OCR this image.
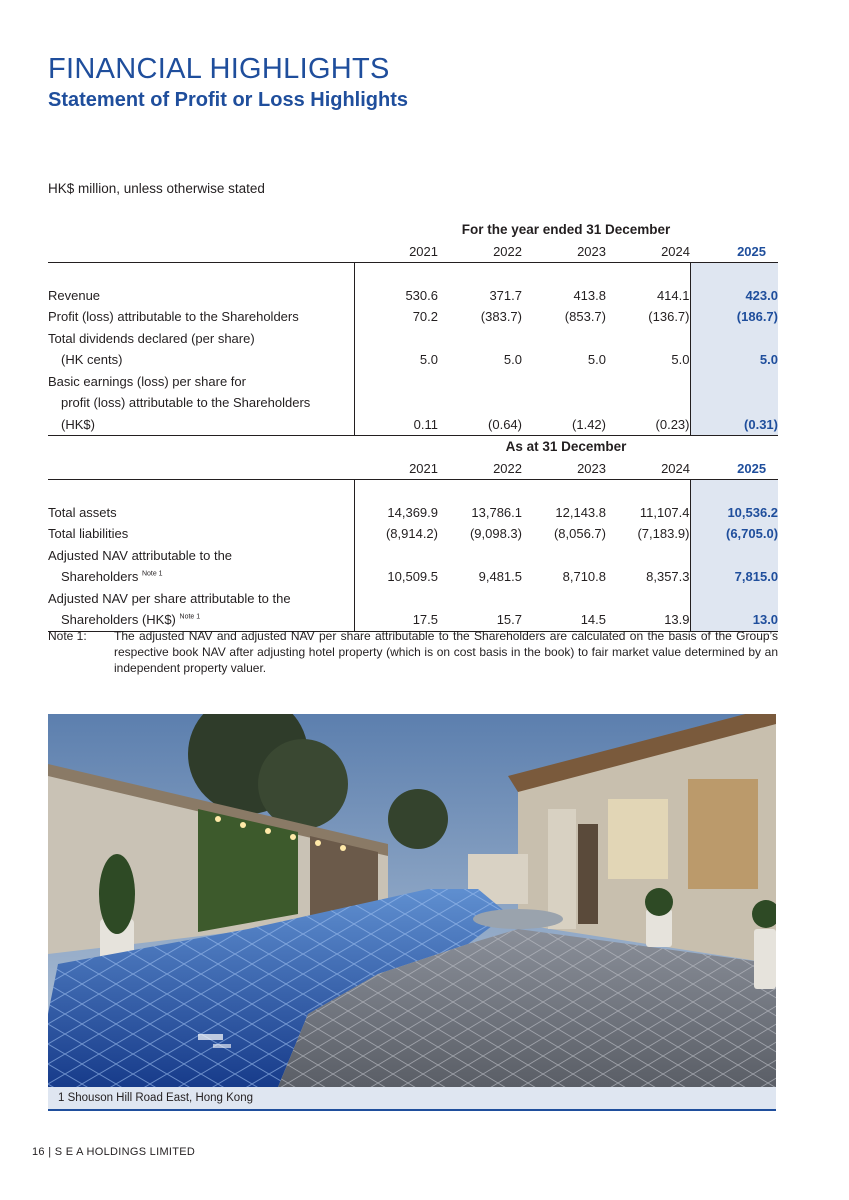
FINANCIAL HIGHLIGHTS
Statement of Profit or Loss Highlights
HK$ million, unless otherwise stated
	For the year ended 31 December				
	2021	2022	2023	2024	2025

Revenue	530.6	371.7	413.8	414.1	423.0
Profit (loss) attributable to the Shareholders	70.2	(383.7)	(853.7)	(136.7)	(186.7)
Total dividends declared (per share)					
(HK cents)	5.0	5.0	5.0	5.0	5.0
Basic earnings (loss) per share for					
profit (loss) attributable to the Shareholders					
(HK$)	0.11	(0.64)	(1.42)	(0.23)	(0.31)
	As at 31 December				
	2021	2022	2023	2024	2025

Total assets	14,369.9	13,786.1	12,143.8	11,107.4	10,536.2
Total liabilities	(8,914.2)	(9,098.3)	(8,056.7)	(7,183.9)	(6,705.0)
Adjusted NAV attributable to the					
Shareholders $^{Note 1}$	10,509.5	9,481.5	8,710.8	8,357.3	7,815.0
Adjusted NAV per share attributable to the					
Shareholders (HK$) $^{Note 1}$	17.5	15.7	14.5	13.9	13.0
Note 1: The adjusted NAV and adjusted NAV per share attributable to the Shareholders are calculated on the basis of the Group’s respective book NAV after adjusting hotel property (which is on cost basis in the book) to fair market value determined by an independent property valuer.
1 Shouson Hill Road East, Hong Kong
16 | S E A HOLDINGS LIMITED
